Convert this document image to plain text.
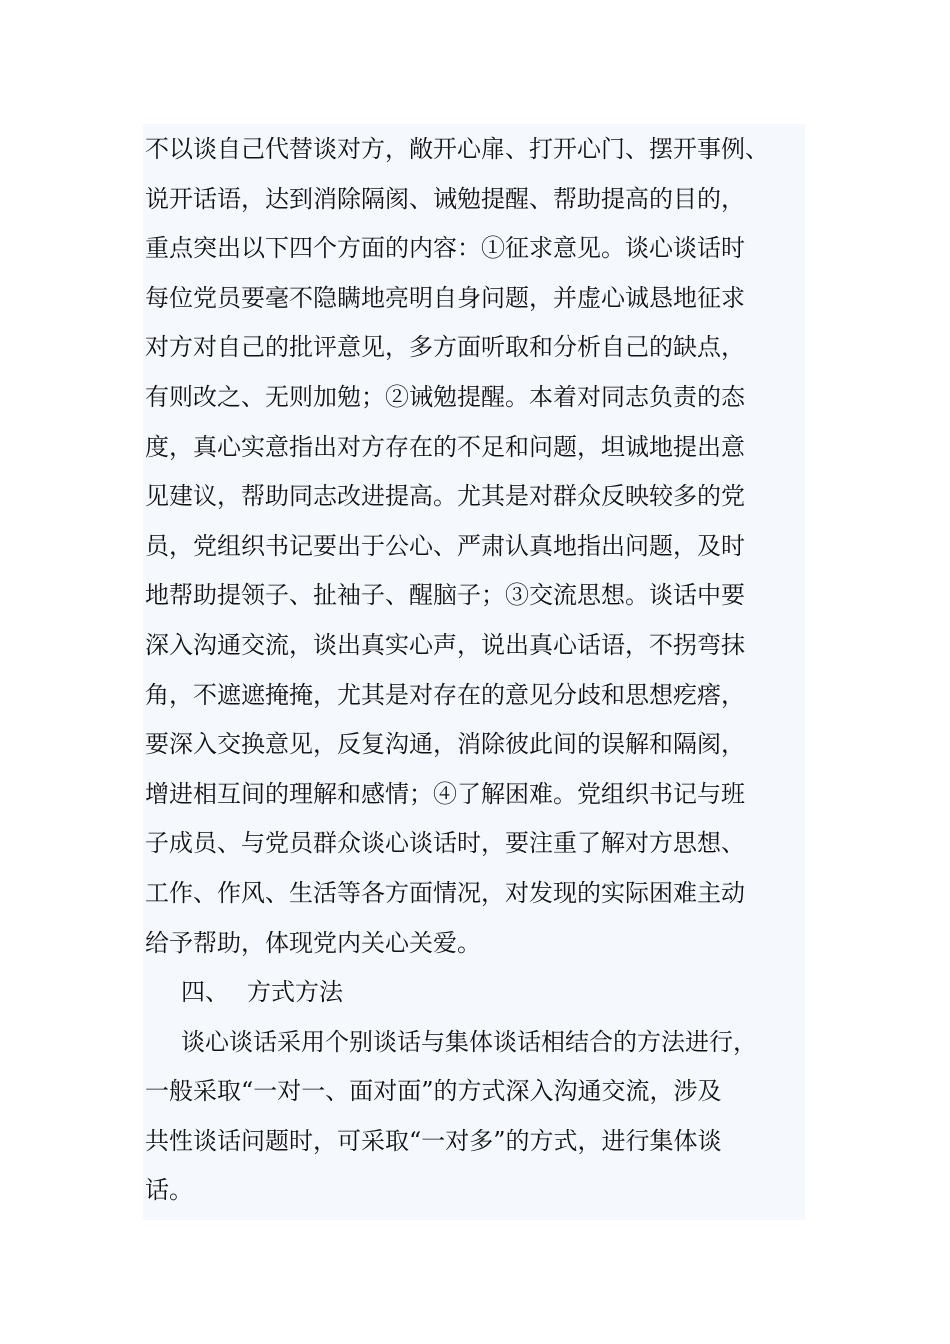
不以谈自己代替谈对方，敞开心扉、打开心门、摆开事例、
说开话语，达到消除隔阂、诫勉提醒、帮助提高的目的，
重点突出以下四个方面的内容：①征求意见。谈心谈话时
每位党员要毫不隐瞒地亮明自身问题，并虚心诚恳地征求
对方对自己的批评意见，多方面听取和分析自己的缺点，
有则改之、无则加勉；②诫勉提醒。本着对同志负责的态
度，真心实意指出对方存在的不足和问题，坦诚地提出意
见建议，帮助同志改进提高。尤其是对群众反映较多的党
员，党组织书记要出于公心、严肃认真地指出问题，及时
地帮助提领子、扯袖子、醒脑子；③交流思想。谈话中要
深入沟通交流，谈出真实心声，说出真心话语，不拐弯抹
角，不遮遮掩掩，尤其是对存在的意见分歧和思想疙瘩，
要深入交换意见，反复沟通，消除彼此间的误解和隔阂，
增进相互间的理解和感情；④了解困难。党组织书记与班
子成员、与党员群众谈心谈话时，要注重了解对方思想、
工作、作风、生活等各方面情况，对发现的实际困难主动
给予帮助，体现党内关心关爱。
四、 方式方法
谈心谈话采用个别谈话与集体谈话相结合的方法进行，
一般采取“一对一、面对面”的方式深入沟通交流，涉及
共性谈话问题时，可采取“一对多”的方式，进行集体谈
话。
